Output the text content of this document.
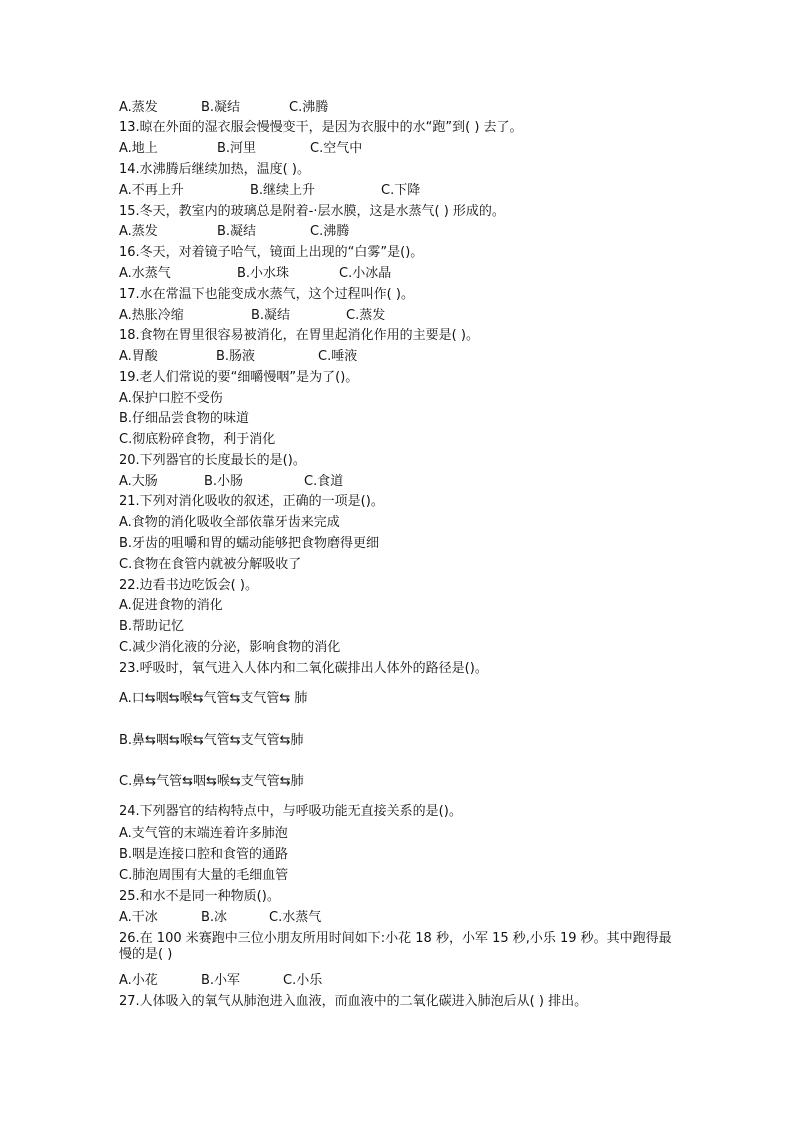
A.蒸发	B.凝结	C.沸腾
13.晾在外面的湿衣服会慢慢变干，是因为衣服中的水“跑”到( ) 去了。
A.地上	B.河里	C.空气中
14.水沸腾后继续加热，温度( )。
A.不再上升	B.继续上升	C.下降
15.冬天，教室内的玻璃总是附着-·层水膜，这是水蒸气( ) 形成的。
A.蒸发	B.凝结	C.沸腾
16.冬天，对着镜子哈气，镜面上出现的“白雾”是()。
A.水蒸气	B.小水珠	C.小冰晶
17.水在常温下也能变成水蒸气，这个过程叫作( )。
A.热胀冷缩	B.凝结	C.蒸发
18.食物在胃里很容易被消化，在胃里起消化作用的主要是( )。
A.胃酸	B.肠液	C.唾液
19.老人们常说的要“细嚼慢咽”是为了()。
A.保护口腔不受伤
B.仔细品尝食物的味道
C.彻底粉碎食物，利于消化
20.下列器官的长度最长的是()。
A.大肠	B.小肠	C.食道
21.下列对消化吸收的叙述，正确的一项是()。
A.食物的消化吸收全部依靠牙齿来完成
B.牙齿的咀嚼和胃的蠕动能够把食物磨得更细
C.食物在食管内就被分解吸收了
22.边看书边吃饭会( )。
A.促进食物的消化
B.帮助记忆
C.减少消化液的分泌，影响食物的消化
23.呼吸时，氧气进入人体内和二氧化碳排出人体外的路径是()。
A.口⇆咽⇆喉⇆气管⇆支气管⇆ 肺
B.鼻⇆咽⇆喉⇆气管⇆支气管⇆肺
C.鼻⇆气管⇆咽⇆喉⇆支气管⇆肺
24.下列器官的结构特点中，与呼吸功能无直接关系的是()。
A.支气管的末端连着许多肺泡
B.咽是连接口腔和食管的通路
C.肺泡周围有大量的毛细血管
25.和水不是同一种物质()。
A.干冰	B.冰	C.水蒸气
26.在 100 米赛跑中三位小朋友所用时间如下:小花 18 秒，小军 15 秒,小乐 19 秒。其中跑得最慢的是( )
A.小花	B.小军	C.小乐
27.人体吸入的氧气从肺泡进入血液，而血液中的二氧化碳进入肺泡后从( ) 排出。
